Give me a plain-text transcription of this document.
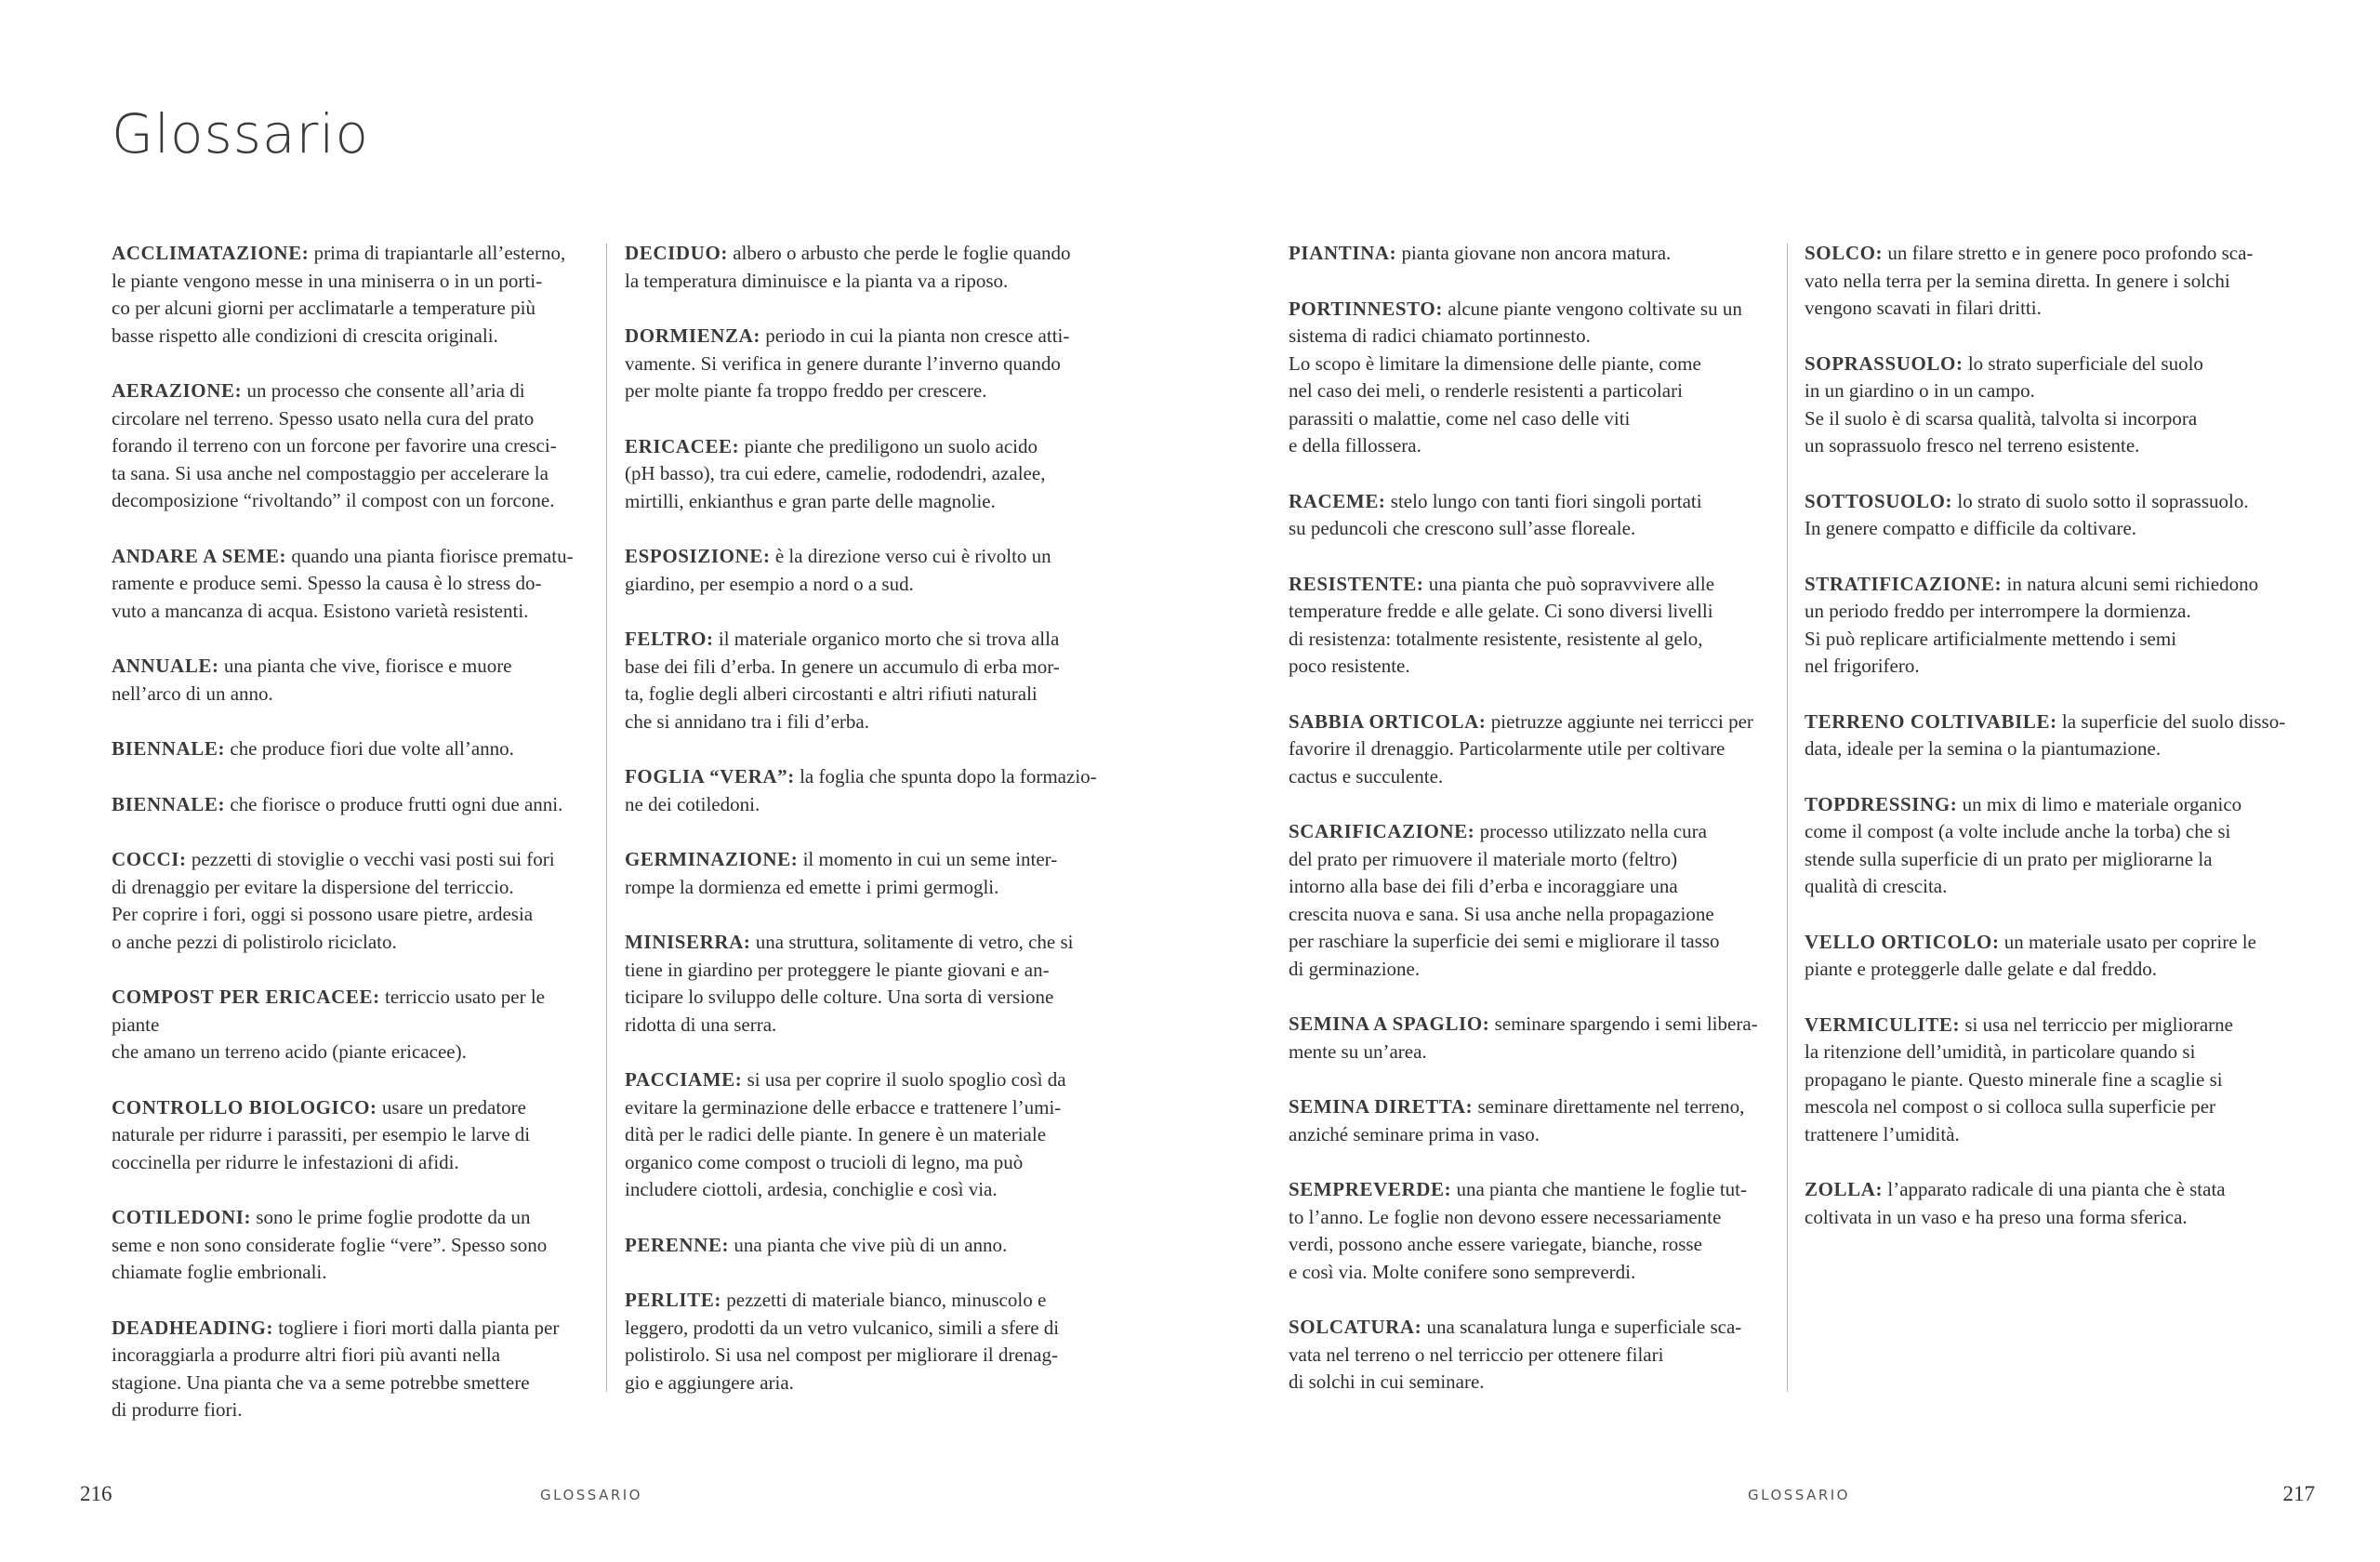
Glossario

ACCLIMATAZIONE: prima di trapiantarle all’esterno,
le piante vengono messe in una miniserra o in un porti-
co per alcuni giorni per acclimatarle a temperature più
basse rispetto alle condizioni di crescita originali.

AERAZIONE: un processo che consente all’aria di
circolare nel terreno. Spesso usato nella cura del prato
forando il terreno con un forcone per favorire una cresci-
ta sana. Si usa anche nel compostaggio per accelerare la
decomposizione “rivoltando” il compost con un forcone.

ANDARE A SEME: quando una pianta fiorisce prematu-
ramente e produce semi. Spesso la causa è lo stress do-
vuto a mancanza di acqua. Esistono varietà resistenti.

ANNUALE: una pianta che vive, fiorisce e muore
nell’arco di un anno.

BIENNALE: che produce fiori due volte all’anno.

BIENNALE: che fiorisce o produce frutti ogni due anni.

COCCI: pezzetti di stoviglie o vecchi vasi posti sui fori
di drenaggio per evitare la dispersione del terriccio.
Per coprire i fori, oggi si possono usare pietre, ardesia
o anche pezzi di polistirolo riciclato.

COMPOST PER ERICACEE: terriccio usato per le piante
che amano un terreno acido (piante ericacee).

CONTROLLO BIOLOGICO: usare un predatore
naturale per ridurre i parassiti, per esempio le larve di
coccinella per ridurre le infestazioni di afidi.

COTILEDONI: sono le prime foglie prodotte da un
seme e non sono considerate foglie “vere”. Spesso sono
chiamate foglie embrionali.

DEADHEADING: togliere i fiori morti dalla pianta per
incoraggiarla a produrre altri fiori più avanti nella
stagione. Una pianta che va a seme potrebbe smettere
di produrre fiori.

DECIDUO: albero o arbusto che perde le foglie quando
la temperatura diminuisce e la pianta va a riposo.

DORMIENZA: periodo in cui la pianta non cresce atti-
vamente. Si verifica in genere durante l’inverno quando
per molte piante fa troppo freddo per crescere.

ERICACEE: piante che prediligono un suolo acido
(pH basso), tra cui edere, camelie, rododendri, azalee,
mirtilli, enkianthus e gran parte delle magnolie.

ESPOSIZIONE: è la direzione verso cui è rivolto un
giardino, per esempio a nord o a sud.

FELTRO: il materiale organico morto che si trova alla
base dei fili d’erba. In genere un accumulo di erba mor-
ta, foglie degli alberi circostanti e altri rifiuti naturali
che si annidano tra i fili d’erba.

FOGLIA “VERA”: la foglia che spunta dopo la formazio-
ne dei cotiledoni.

GERMINAZIONE: il momento in cui un seme inter-
rompe la dormienza ed emette i primi germogli.

MINISERRA: una struttura, solitamente di vetro, che si
tiene in giardino per proteggere le piante giovani e an-
ticipare lo sviluppo delle colture. Una sorta di versione
ridotta di una serra.

PACCIAME: si usa per coprire il suolo spoglio così da
evitare la germinazione delle erbacce e trattenere l’umi-
dità per le radici delle piante. In genere è un materiale
organico come compost o trucioli di legno, ma può
includere ciottoli, ardesia, conchiglie e così via.

PERENNE: una pianta che vive più di un anno.

PERLITE: pezzetti di materiale bianco, minuscolo e
leggero, prodotti da un vetro vulcanico, simili a sfere di
polistirolo. Si usa nel compost per migliorare il drenag-
gio e aggiungere aria.

PIANTINA: pianta giovane non ancora matura.

PORTINNESTO: alcune piante vengono coltivate su un
sistema di radici chiamato portinnesto.
Lo scopo è limitare la dimensione delle piante, come
nel caso dei meli, o renderle resistenti a particolari
parassiti o malattie, come nel caso delle viti
e della fillossera.

RACEME: stelo lungo con tanti fiori singoli portati
su peduncoli che crescono sull’asse floreale.

RESISTENTE: una pianta che può sopravvivere alle
temperature fredde e alle gelate. Ci sono diversi livelli
di resistenza: totalmente resistente, resistente al gelo,
poco resistente.

SABBIA ORTICOLA: pietruzze aggiunte nei terricci per
favorire il drenaggio. Particolarmente utile per coltivare
cactus e succulente.

SCARIFICAZIONE: processo utilizzato nella cura
del prato per rimuovere il materiale morto (feltro)
intorno alla base dei fili d’erba e incoraggiare una
crescita nuova e sana. Si usa anche nella propagazione
per raschiare la superficie dei semi e migliorare il tasso
di germinazione.

SEMINA A SPAGLIO: seminare spargendo i semi libera-
mente su un’area.

SEMINA DIRETTA: seminare direttamente nel terreno,
anziché seminare prima in vaso.

SEMPREVERDE: una pianta che mantiene le foglie tut-
to l’anno. Le foglie non devono essere necessariamente
verdi, possono anche essere variegate, bianche, rosse
e così via. Molte conifere sono sempreverdi.

SOLCATURA: una scanalatura lunga e superficiale sca-
vata nel terreno o nel terriccio per ottenere filari
di solchi in cui seminare.

SOLCO: un filare stretto e in genere poco profondo sca-
vato nella terra per la semina diretta. In genere i solchi
vengono scavati in filari dritti.

SOPRASSUOLO: lo strato superficiale del suolo
in un giardino o in un campo.
Se il suolo è di scarsa qualità, talvolta si incorpora
un soprassuolo fresco nel terreno esistente.

SOTTOSUOLO: lo strato di suolo sotto il soprassuolo.
In genere compatto e difficile da coltivare.

STRATIFICAZIONE: in natura alcuni semi richiedono
un periodo freddo per interrompere la dormienza.
Si può replicare artificialmente mettendo i semi
nel frigorifero.

TERRENO COLTIVABILE: la superficie del suolo disso-
data, ideale per la semina o la piantumazione.

TOPDRESSING: un mix di limo e materiale organico
come il compost (a volte include anche la torba) che si
stende sulla superficie di un prato per migliorarne la
qualità di crescita.

VELLO ORTICOLO: un materiale usato per coprire le
piante e proteggerle dalle gelate e dal freddo.

VERMICULITE: si usa nel terriccio per migliorarne
la ritenzione dell’umidità, in particolare quando si
propagano le piante. Questo minerale fine a scaglie si
mescola nel compost o si colloca sulla superficie per
trattenere l’umidità.

ZOLLA: l’apparato radicale di una pianta che è stata
coltivata in un vaso e ha preso una forma sferica.

216	GLOSSARIO	GLOSSARIO	217
